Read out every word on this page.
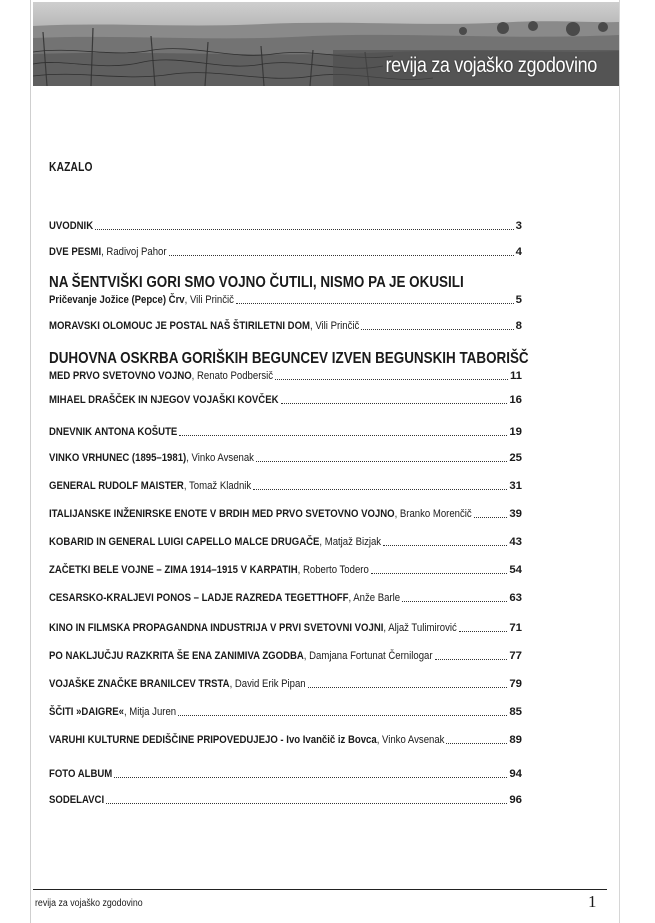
revija za vojaško zgodovino
KAZALO
UVODNIK	3
DVE PESMI, Radivoj Pahor	4
NA ŠENTVIŠKI GORI SMO VOJNO ČUTILI, NISMO PA JE OKUSILI
Pričevanje Jožice (Pepce) Črv, Vili Prinčič	5
MORAVSKI OLOMOUC JE POSTAL NAŠ ŠTIRILETNI DOM, Vili Prinčič	8
DUHOVNA OSKRBA GORIŠKIH BEGUNCEV IZVEN BEGUNSKIH TABORIŠČ
MED PRVO SVETOVNO VOJNO, Renato Podbersič	11
MIHAEL DRAŠČEK IN NJEGOV VOJAŠKI KOVČEK	16
DNEVNIK ANTONA KOŠUTE	19
VINKO VRHUNEC (1895–1981), Vinko Avsenak	25
GENERAL RUDOLF MAISTER, Tomaž Kladnik	31
ITALIJANSKE INŽENIRSKE ENOTE V BRDIH MED PRVO SVETOVNO VOJNO, Branko Morenčič	39
KOBARID IN GENERAL LUIGI CAPELLO MALCE DRUGAČE, Matjaž Bizjak	43
ZAČETKI BELE VOJNE – ZIMA 1914–1915 V KARPATIH, Roberto Todero	54
CESARSKO-KRALJEVI PONOS – LADJE RAZREDA TEGETTHOFF, Anže Barle	63
KINO IN FILMSKA PROPAGANDNA INDUSTRIJA V PRVI SVETOVNI VOJNI, Aljaž Tulimirović	71
PO NAKLJUČJU RAZKRITA ŠE ENA ZANIMIVA ZGODBA, Damjana Fortunat Černilogar	77
VOJAŠKE ZNAČKE BRANILCEV TRSTA, David Erik Pipan	79
ŠČITI »DAIGRE«, Mitja Juren	85
VARUHI KULTURNE DEDIŠČINE PRIPOVEDUJEJO - Ivo Ivančič iz Bovca, Vinko Avsenak	89
FOTO ALBUM	94
SODELAVCI	96
revija za vojaško zgodovino	1
